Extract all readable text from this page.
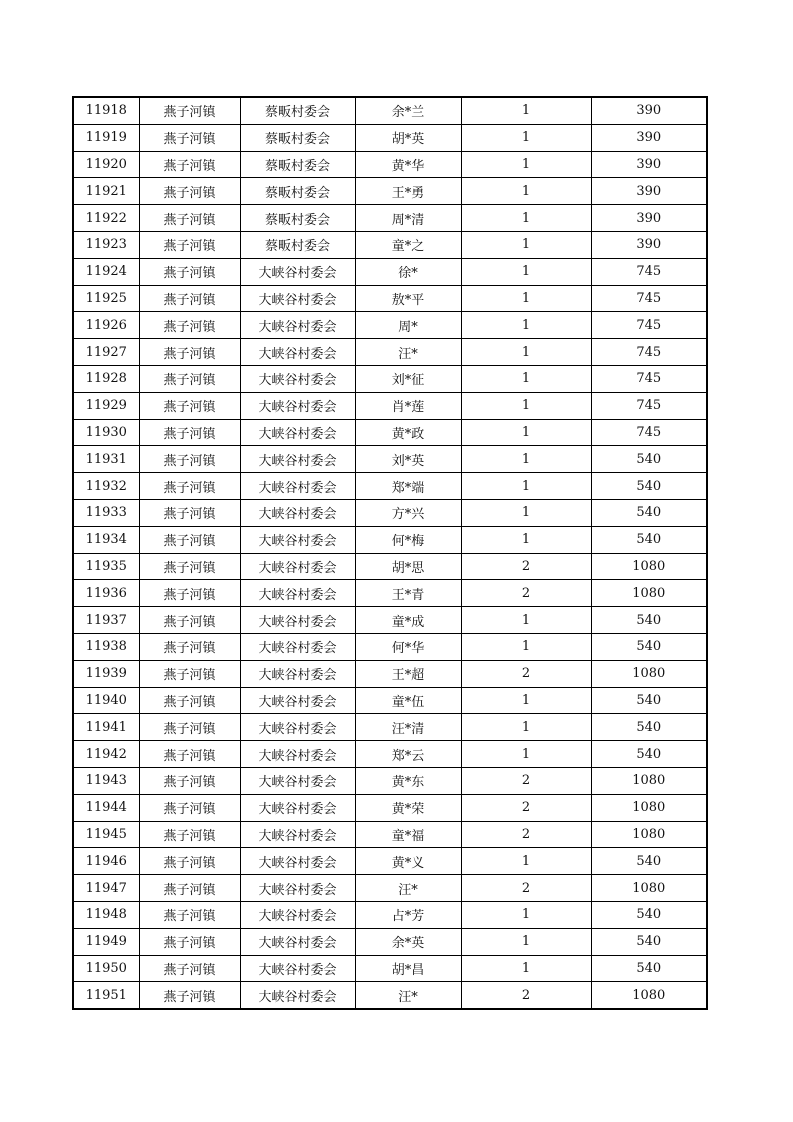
11918	燕子河镇	蔡畈村委会	余*兰	1	390
11919	燕子河镇	蔡畈村委会	胡*英	1	390
11920	燕子河镇	蔡畈村委会	黄*华	1	390
11921	燕子河镇	蔡畈村委会	王*勇	1	390
11922	燕子河镇	蔡畈村委会	周*清	1	390
11923	燕子河镇	蔡畈村委会	童*之	1	390
11924	燕子河镇	大峡谷村委会	徐*	1	745
11925	燕子河镇	大峡谷村委会	敖*平	1	745
11926	燕子河镇	大峡谷村委会	周*	1	745
11927	燕子河镇	大峡谷村委会	汪*	1	745
11928	燕子河镇	大峡谷村委会	刘*征	1	745
11929	燕子河镇	大峡谷村委会	肖*莲	1	745
11930	燕子河镇	大峡谷村委会	黄*政	1	745
11931	燕子河镇	大峡谷村委会	刘*英	1	540
11932	燕子河镇	大峡谷村委会	郑*端	1	540
11933	燕子河镇	大峡谷村委会	方*兴	1	540
11934	燕子河镇	大峡谷村委会	何*梅	1	540
11935	燕子河镇	大峡谷村委会	胡*思	2	1080
11936	燕子河镇	大峡谷村委会	王*青	2	1080
11937	燕子河镇	大峡谷村委会	童*成	1	540
11938	燕子河镇	大峡谷村委会	何*华	1	540
11939	燕子河镇	大峡谷村委会	王*超	2	1080
11940	燕子河镇	大峡谷村委会	童*伍	1	540
11941	燕子河镇	大峡谷村委会	汪*清	1	540
11942	燕子河镇	大峡谷村委会	郑*云	1	540
11943	燕子河镇	大峡谷村委会	黄*东	2	1080
11944	燕子河镇	大峡谷村委会	黄*荣	2	1080
11945	燕子河镇	大峡谷村委会	童*福	2	1080
11946	燕子河镇	大峡谷村委会	黄*义	1	540
11947	燕子河镇	大峡谷村委会	汪*	2	1080
11948	燕子河镇	大峡谷村委会	占*芳	1	540
11949	燕子河镇	大峡谷村委会	余*英	1	540
11950	燕子河镇	大峡谷村委会	胡*昌	1	540
11951	燕子河镇	大峡谷村委会	汪*	2	1080
